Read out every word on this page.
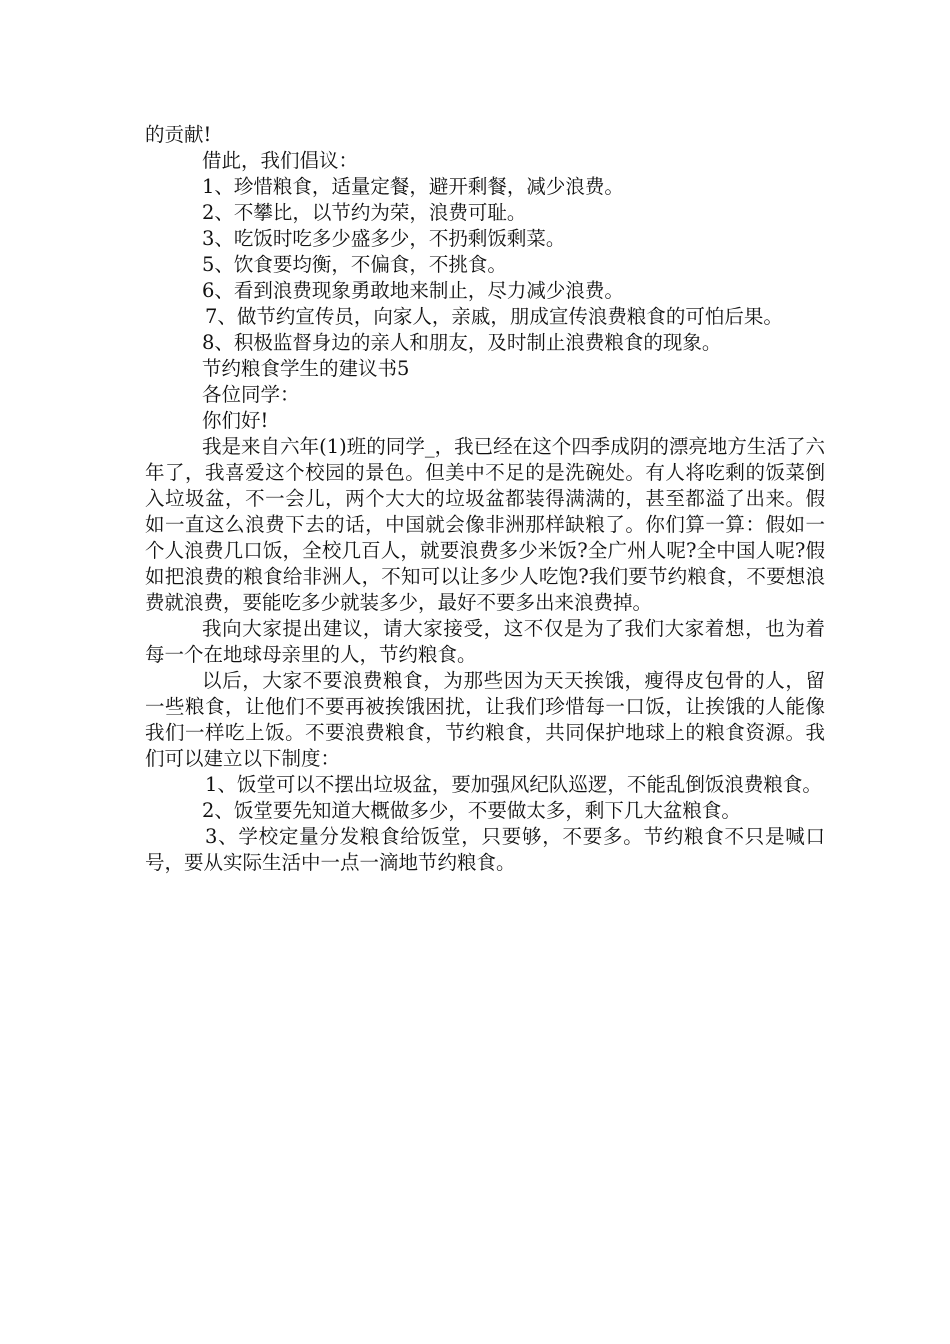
的贡献!

借此，我们倡议：

1、珍惜粮食，适量定餐，避开剩餐，减少浪费。

2、不攀比，以节约为荣，浪费可耻。

3、吃饭时吃多少盛多少，不扔剩饭剩菜。

5、饮食要均衡，不偏食，不挑食。

6、看到浪费现象勇敢地来制止，尽力减少浪费。

7、做节约宣传员，向家人，亲戚，朋成宣传浪费粮食的可怕后果。

8、积极监督身边的亲人和朋友，及时制止浪费粮食的现象。

节约粮食学生的建议书5

各位同学：

你们好!

我是来自六年(1)班的同学_，我已经在这个四季成阴的漂亮地方生活了六年了，我喜爱这个校园的景色。但美中不足的是洗碗处。有人将吃剩的饭菜倒入垃圾盆，不一会儿，两个大大的垃圾盆都装得满满的，甚至都溢了出来。假如一直这么浪费下去的话，中国就会像非洲那样缺粮了。你们算一算：假如一个人浪费几口饭，全校几百人，就要浪费多少米饭?全广州人呢?全中国人呢?假如把浪费的粮食给非洲人，不知可以让多少人吃饱?我们要节约粮食，不要想浪费就浪费，要能吃多少就装多少，最好不要多出来浪费掉。

我向大家提出建议，请大家接受，这不仅是为了我们大家着想，也为着每一个在地球母亲里的人，节约粮食。

以后，大家不要浪费粮食，为那些因为天天挨饿，瘦得皮包骨的人，留一些粮食，让他们不要再被挨饿困扰，让我们珍惜每一口饭，让挨饿的人能像我们一样吃上饭。不要浪费粮食，节约粮食，共同保护地球上的粮食资源。我们可以建立以下制度：

1、饭堂可以不摆出垃圾盆，要加强风纪队巡逻，不能乱倒饭浪费粮食。

2、饭堂要先知道大概做多少，不要做太多，剩下几大盆粮食。

3、学校定量分发粮食给饭堂，只要够，不要多。节约粮食不只是喊口号，要从实际生活中一点一滴地节约粮食。
